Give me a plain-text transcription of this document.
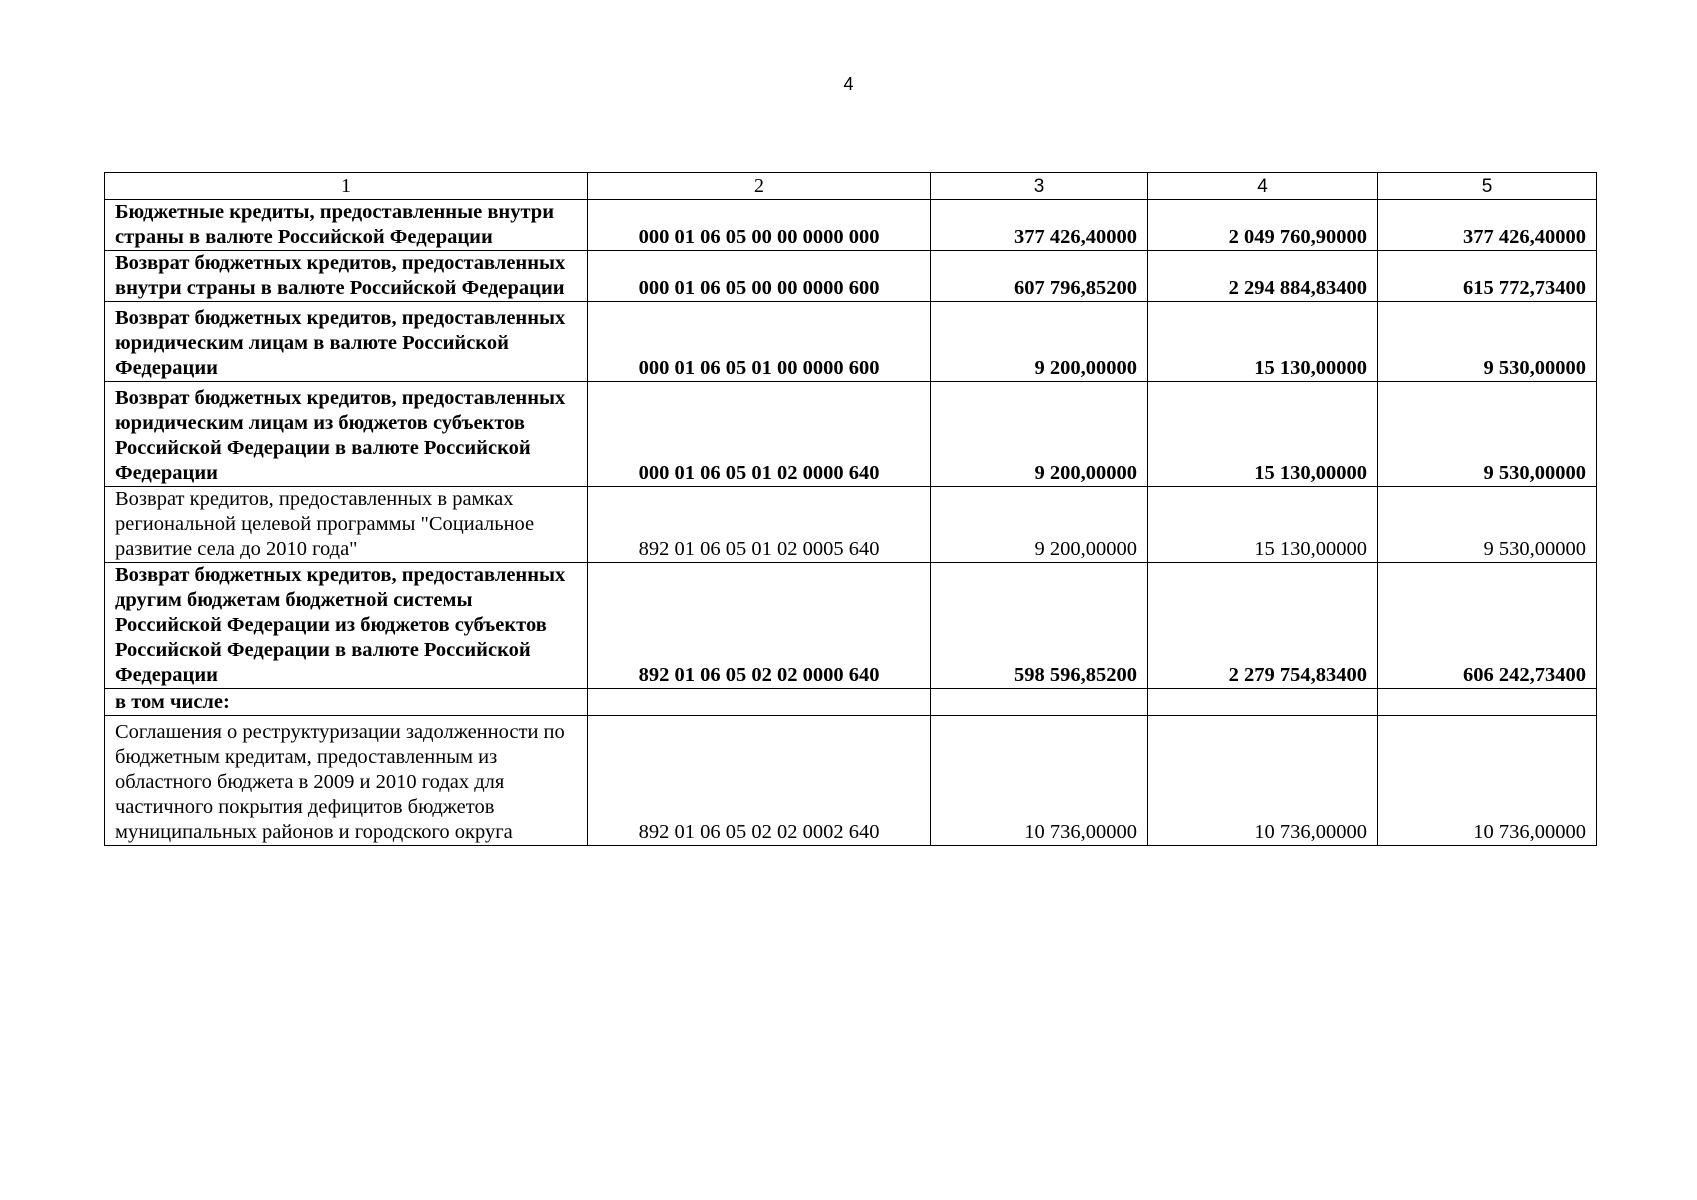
4
1	2	3	4	5
Бюджетные кредиты, предоставленные внутри страны в валюте Российской Федерации	000 01 06 05 00 00 0000 000	377 426,40000	2 049 760,90000	377 426,40000
Возврат бюджетных кредитов, предоставленных внутри страны в валюте Российской Федерации	000 01 06 05 00 00 0000 600	607 796,85200	2 294 884,83400	615 772,73400
Возврат бюджетных кредитов, предоставленных юридическим лицам в валюте Российской Федерации	000 01 06 05 01 00 0000 600	9 200,00000	15 130,00000	9 530,00000
Возврат бюджетных кредитов, предоставленных юридическим лицам из бюджетов субъектов Российской Федерации в валюте Российской Федерации	000 01 06 05 01 02 0000 640	9 200,00000	15 130,00000	9 530,00000
Возврат кредитов, предоставленных в рамках региональной целевой программы "Социальное развитие села до 2010 года"	892 01 06 05 01 02 0005 640	9 200,00000	15 130,00000	9 530,00000
Возврат бюджетных кредитов, предоставленных другим бюджетам бюджетной системы Российской Федерации из бюджетов субъектов Российской Федерации в валюте Российской Федерации	892 01 06 05 02 02 0000 640	598 596,85200	2 279 754,83400	606 242,73400
в том числе:				
Соглашения о реструктуризации задолженности по бюджетным кредитам, предоставленным из областного бюджета в 2009 и 2010 годах для частичного покрытия дефицитов бюджетов муниципальных районов и городского округа	892 01 06 05 02 02 0002 640	10 736,00000	10 736,00000	10 736,00000
